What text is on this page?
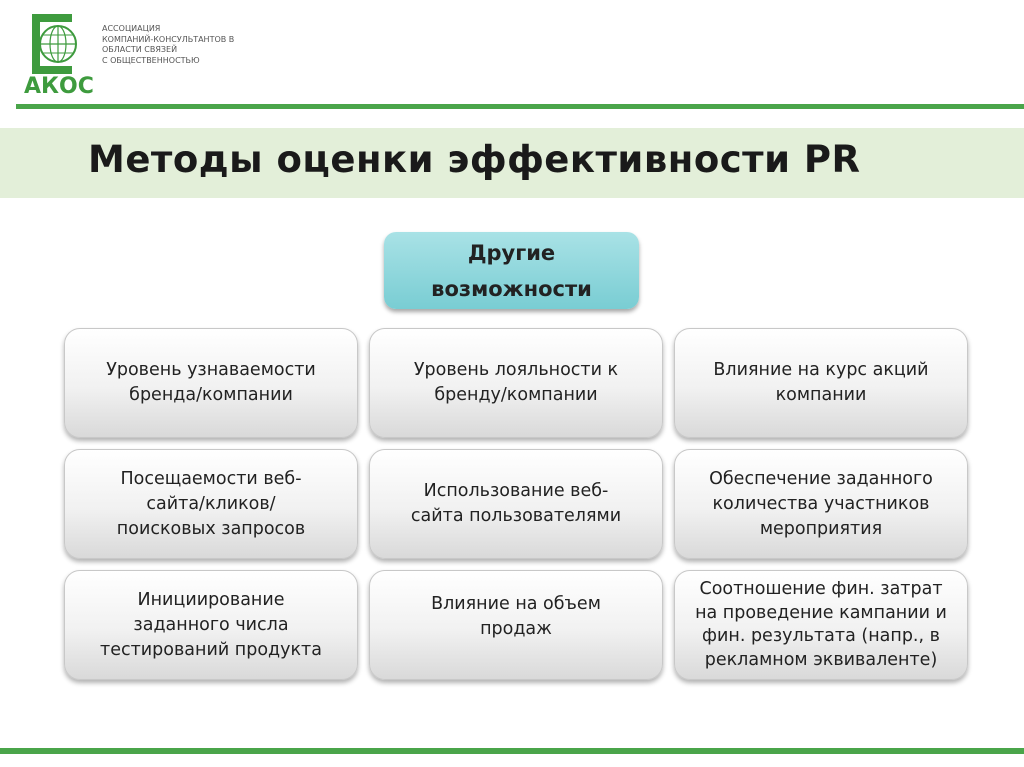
АКОС
АССОЦИАЦИЯ
КОМПАНИЙ-КОНСУЛЬТАНТОВ В
ОБЛАСТИ СВЯЗЕЙ
С ОБЩЕСТВЕННОСТЬЮ
Методы оценки эффективности PR
Другие
возможности
Уровень узнаваемости
бренда/компании
Уровень лояльности к
бренду/компании
Влияние на курс акций
компании
Посещаемости веб-
сайта/кликов/
поисковых запросов
Использование веб-
сайта пользователями
Обеспечение заданного
количества участников
мероприятия
Инициирование
заданного числа
тестирований продукта
Влияние на объем
продаж
Соотношение фин. затрат
на проведение кампании и
фин. результата (напр., в
рекламном эквиваленте)
